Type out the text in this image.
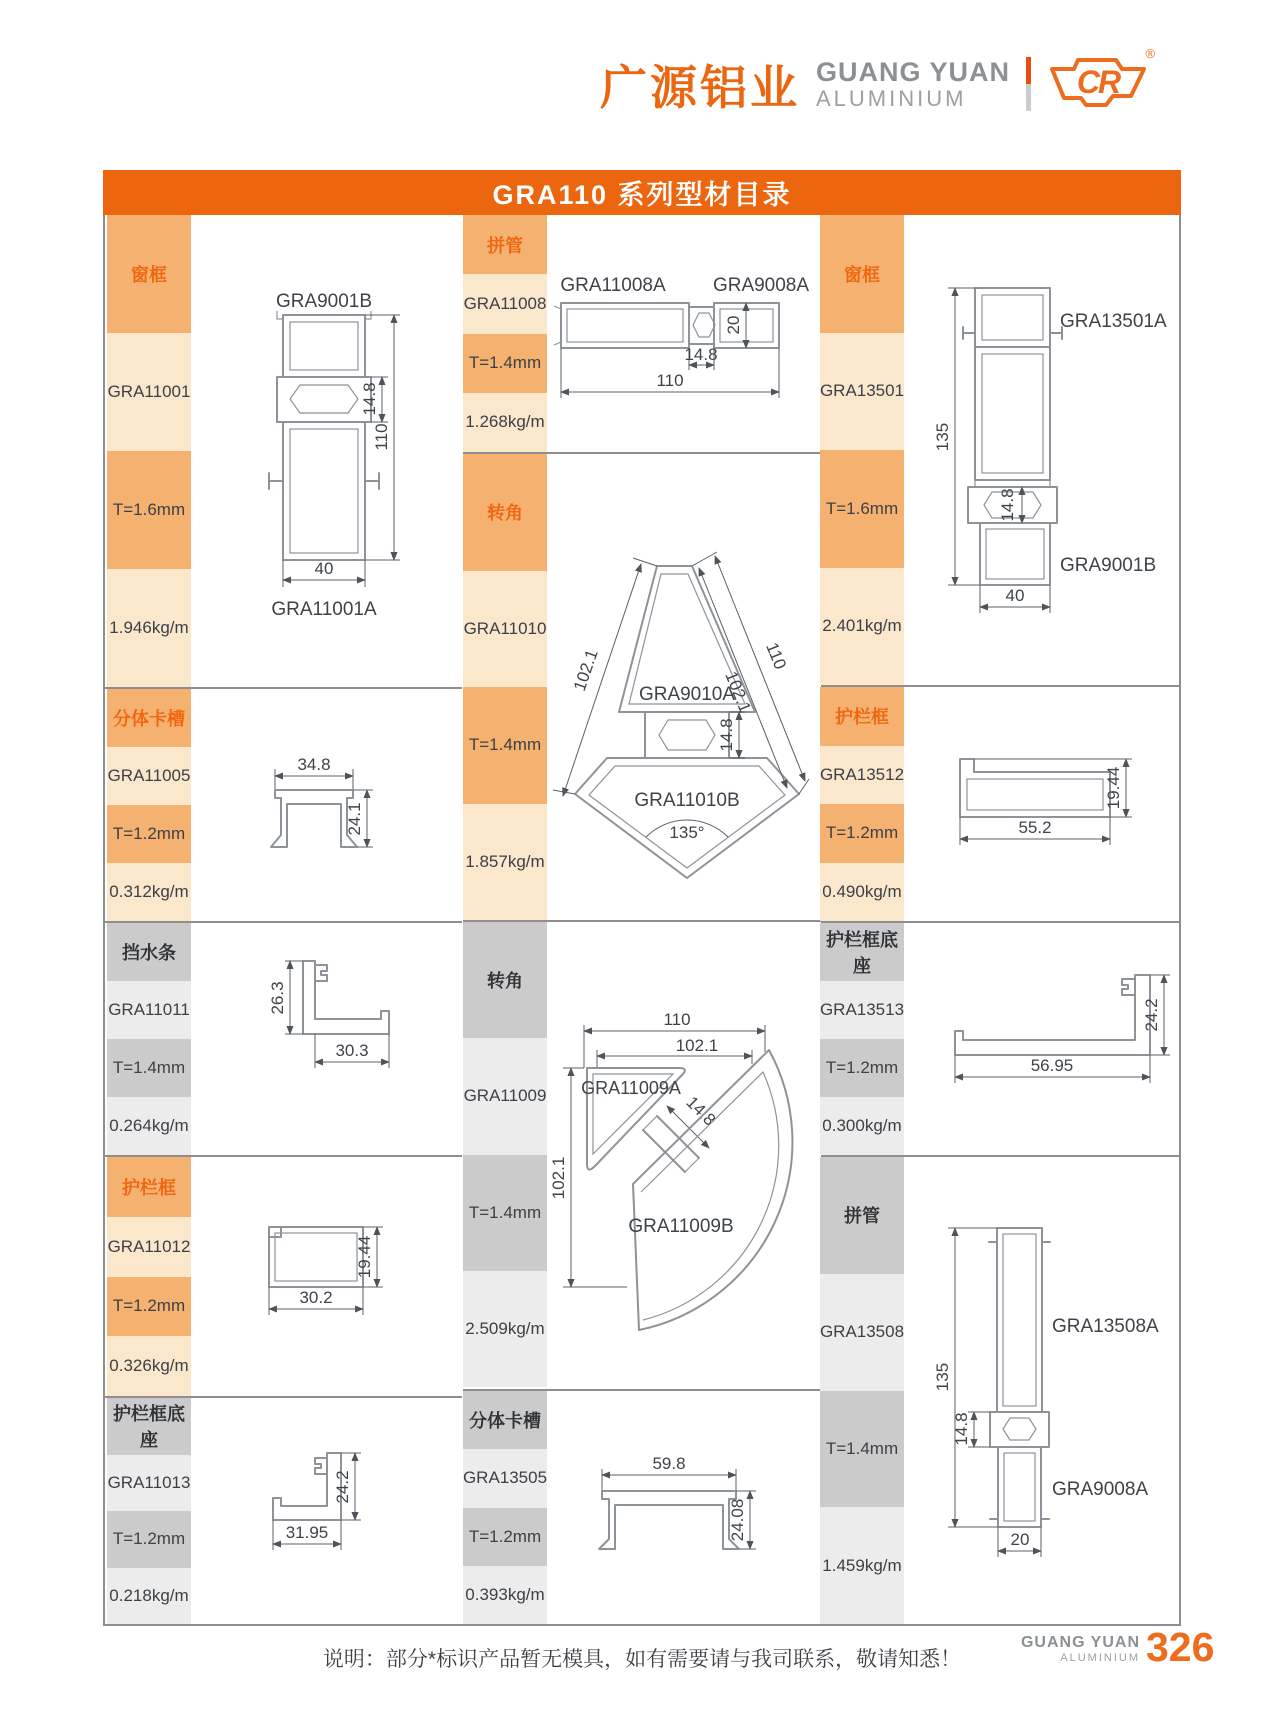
广源铝业 GUANG YUAN
ALUMINIUM	CR
®
GRA110 系列型材目录
窗框
GRA11001
T=1.6mm
1.946kg/m
分体卡槽
GRA11005
T=1.2mm
0.312kg/m
挡水条
GRA11011
T=1.4mm
0.264kg/m
护栏框
GRA11012
T=1.2mm
0.326kg/m
护栏框底座
GRA11013
T=1.2mm
0.218kg/m
拼管
GRA11008
T=1.4mm
1.268kg/m
转角
GRA11010
T=1.4mm
1.857kg/m
转角
GRA11009
T=1.4mm
2.509kg/m
分体卡槽
GRA13505
T=1.2mm
0.393kg/m
窗框
GRA13501
T=1.6mm
2.401kg/m
护栏框
GRA13512
T=1.2mm
0.490kg/m
护栏框底座
GRA13513
T=1.2mm
0.300kg/m
拼管
GRA13508
T=1.4mm
1.459kg/m
GRA9001B
14.8
110
40
GRA11001A
34.8
24.1
26.3
30.3
19.44
30.2
24.2
31.95
GRA11008A GRA9008A
20
14.8
110
GRA9010A
GRA11010B
135°
102.1	110
102.1
14.8
110
102.1
102.1
GRA11009A
14.8
GRA11009B
59.8
24.08
135
14.8
40
GRA13501A
GRA9001B
19.44
55.2
24.2
56.95
135
14.8
20
GRA13508A
GRA9008A
说明：部分*标识产品暂无模具，如有需要请与我司联系，敬请知悉！
GUANG YUAN
ALUMINIUM 326
